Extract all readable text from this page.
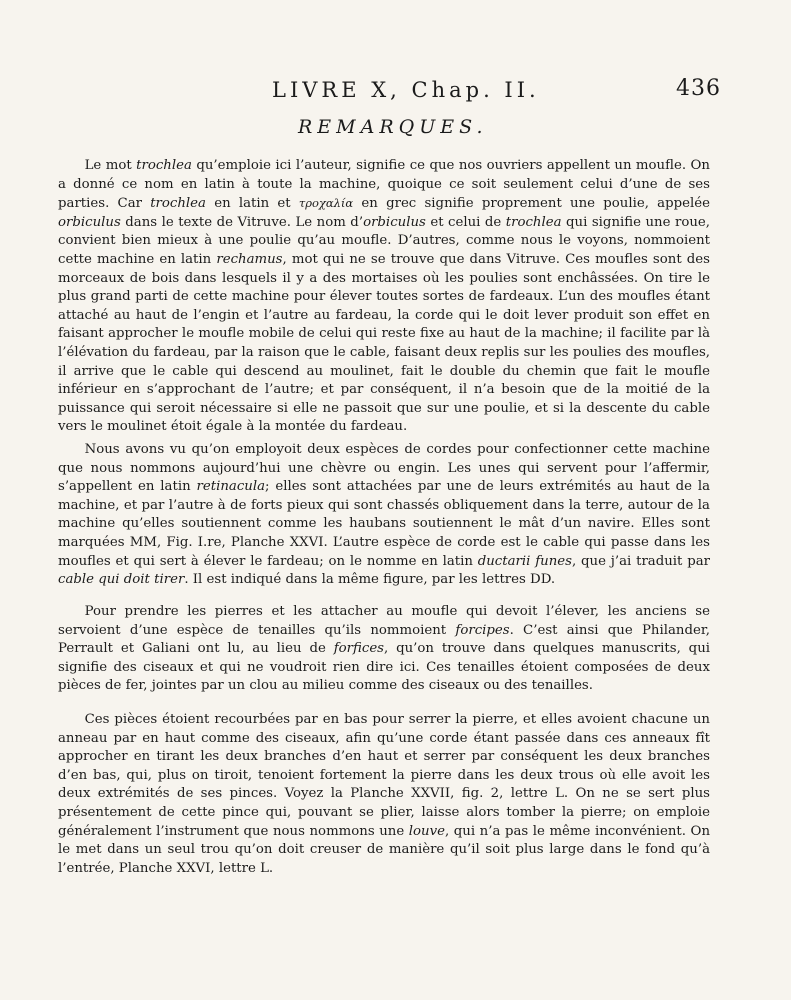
LIVRE X, Chap. II.	436
REMARQUES.

Le mot trochlea qu’emploie ici l’auteur, signifie ce que nos ouvriers appellent un moufle. On a donné ce nom en latin à toute la machine, quoique ce soit seulement celui d’une de ses parties. Car trochlea en latin et τροχαλία en grec signifie proprement une poulie, appelée orbiculus dans le texte de Vitruve. Le nom d’orbiculus et celui de trochlea qui signifie une roue, convient bien mieux à une poulie qu’au moufle. D’autres, comme nous le voyons, nommoient cette machine en latin rechamus, mot qui ne se trouve que dans Vitruve. Ces moufles sont des morceaux de bois dans lesquels il y a des mortaises où les poulies sont enchâssées. On tire le plus grand parti de cette machine pour élever toutes sortes de fardeaux. L’un des moufles étant attaché au haut de l’engin et l’autre au fardeau, la corde qui le doit lever produit son effet en faisant approcher le moufle mobile de celui qui reste fixe au haut de la machine; il facilite par là l’élévation du fardeau, par la raison que le cable, faisant deux replis sur les poulies des moufles, il arrive que le cable qui descend au moulinet, fait le double du chemin que fait le moufle inférieur en s’approchant de l’autre; et par conséquent, il n’a besoin que de la moitié de la puissance qui seroit nécessaire si elle ne passoit que sur une poulie, et si la descente du cable vers le moulinet étoit égale à la montée du fardeau.

Nous avons vu qu’on employoit deux espèces de cordes pour confectionner cette machine que nous nommons aujourd’hui une chèvre ou engin. Les unes qui servent pour l’affermir, s’appellent en latin retinacula; elles sont attachées par une de leurs extrémités au haut de la machine, et par l’autre à de forts pieux qui sont chassés obliquement dans la terre, autour de la machine qu’elles soutiennent comme les haubans soutiennent le mât d’un navire. Elles sont marquées MM, Fig. I.re, Planche XXVI. L’autre espèce de corde est le cable qui passe dans les moufles et qui sert à élever le fardeau; on le nomme en latin ductarii funes, que j’ai traduit par cable qui doit tirer. Il est indiqué dans la même figure, par les lettres DD.

Pour prendre les pierres et les attacher au moufle qui devoit l’élever, les anciens se servoient d’une espèce de tenailles qu’ils nommoient forcipes. C’est ainsi que Philander, Perrault et Galiani ont lu, au lieu de forfices, qu’on trouve dans quelques manuscrits, qui signifie des ciseaux et qui ne voudroit rien dire ici. Ces tenailles étoient composées de deux pièces de fer, jointes par un clou au milieu comme des ciseaux ou des tenailles.

Ces pièces étoient recourbées par en bas pour serrer la pierre, et elles avoient chacune un anneau par en haut comme des ciseaux, afin qu’une corde étant passée dans ces anneaux fît approcher en tirant les deux branches d’en haut et serrer par conséquent les deux branches d’en bas, qui, plus on tiroit, tenoient fortement la pierre dans les deux trous où elle avoit les deux extrémités de ses pinces. Voyez la Planche XXVII, fig. 2, lettre L. On ne se sert plus présentement de cette pince qui, pouvant se plier, laisse alors tomber la pierre; on emploie généralement l’instrument que nous nommons une louve, qui n’a pas le même inconvénient. On le met dans un seul trou qu’on doit creuser de manière qu’il soit plus large dans le fond qu’à l’entrée, Planche XXVI, lettre L.
